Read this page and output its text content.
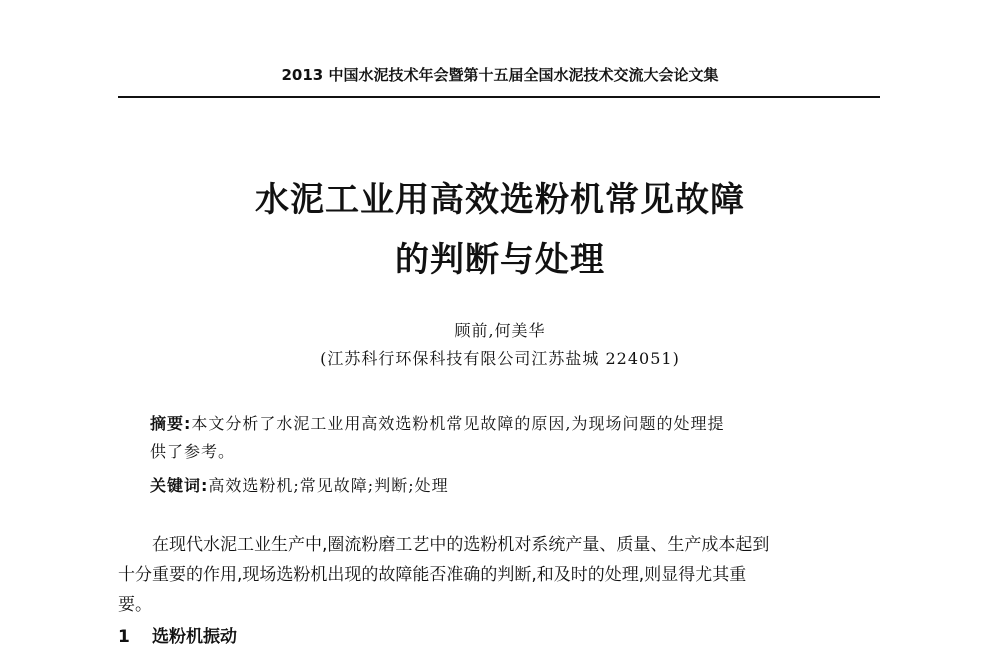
2013 中国水泥技术年会暨第十五届全国水泥技术交流大会论文集
水泥工业用高效选粉机常见故障
的判断与处理
顾前,何美华
(江苏科行环保科技有限公司江苏盐城 224051)

摘要:本文分析了水泥工业用高效选粉机常见故障的原因,为现场问题的处理提

供了参考。

关键词:高效选粉机;常见故障;判断;处理

在现代水泥工业生产中,圈流粉磨工艺中的选粉机对系统产量、质量、生产成本起到

十分重要的作用,现场选粉机出现的故障能否准确的判断,和及时的处理,则显得尤其重
要。
1 选粉机振动
